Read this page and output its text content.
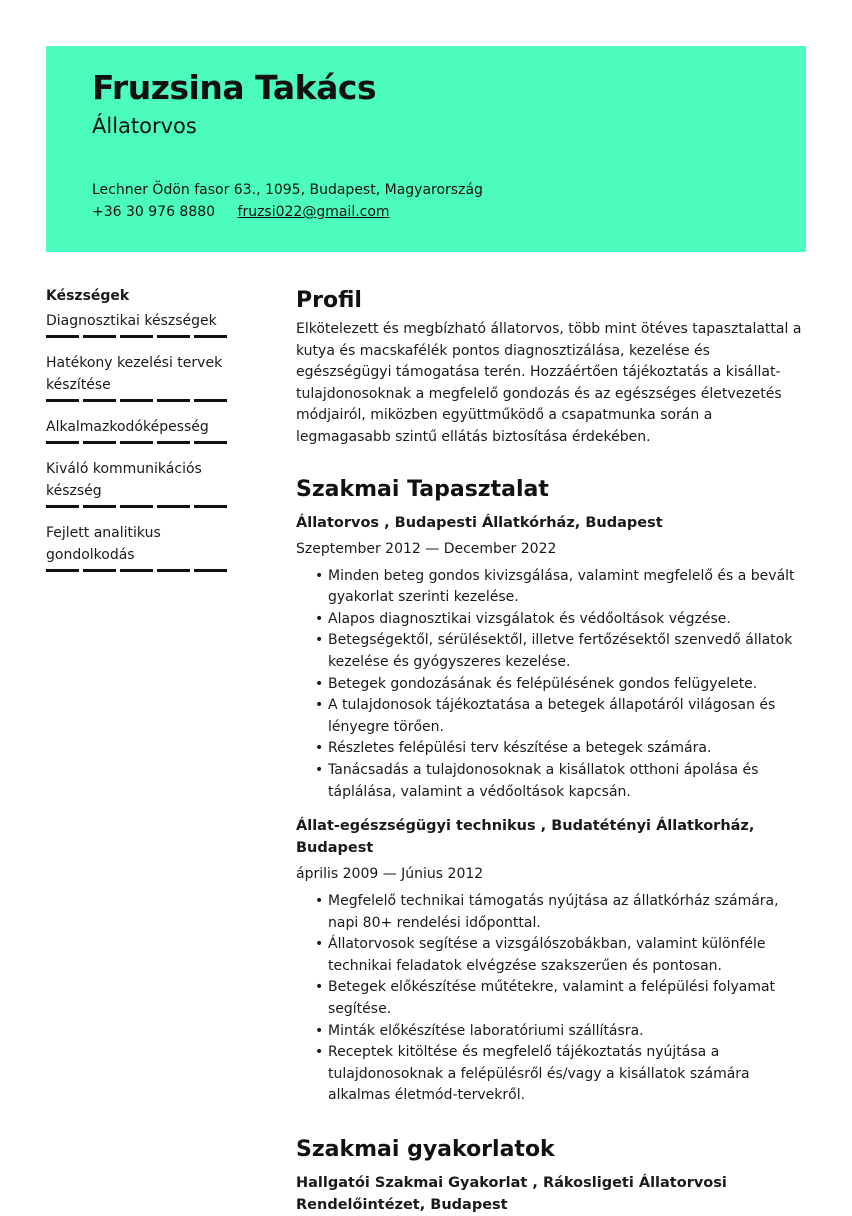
Fruzsina Takács
Állatorvos
Lechner Ödön fasor 63., 1095, Budapest, Magyarország
+36 30 976 8880 fruzsi022@gmail.com
Készségek
Diagnosztikai készségek
Hatékony kezelési tervek készítése
Alkalmazkodóképesség
Kiváló kommunikációs készség
Fejlett analitikus gondolkodás
Profil

Elkötelezett és megbízható állatorvos, több mint ötéves tapasztalattal a kutya és macskafélék pontos diagnosztizálása, kezelése és egészségügyi támogatása terén. Hozzáértően tájékoztatás a kisállat-tulajdonosoknak a megfelelő gondozás és az egészséges életvezetés módjairól, miközben együttműködő a csapatmunka során a legmagasabb szintű ellátás biztosítása érdekében.

Szakmai Tapasztalat
Állatorvos , Budapesti Állatkórház, Budapest
Szeptember 2012 — December 2022
• Minden beteg gondos kivizsgálása, valamint megfelelő és a bevált gyakorlat szerinti kezelése.
• Alapos diagnosztikai vizsgálatok és védőoltások végzése.
• Betegségektől, sérülésektől, illetve fertőzésektől szenvedő állatok kezelése és gyógyszeres kezelése.
• Betegek gondozásának és felépülésének gondos felügyelete.
• A tulajdonosok tájékoztatása a betegek állapotáról világosan és lényegre törően.
• Részletes felépülési terv készítése a betegek számára.
• Tanácsadás a tulajdonosoknak a kisállatok otthoni ápolása és táplálása, valamint a védőoltások kapcsán.
Állat-egészségügyi technikus , Budatétényi Állatkorház, Budapest
április 2009 — Június 2012
• Megfelelő technikai támogatás nyújtása az állatkórház számára, napi 80+ rendelési időponttal.
• Állatorvosok segítése a vizsgálószobákban, valamint különféle technikai feladatok elvégzése szakszerűen és pontosan.
• Betegek előkészítése műtétekre, valamint a felépülési folyamat segítése.
• Minták előkészítése laboratóriumi szállításra.
• Receptek kitöltése és megfelelő tájékoztatás nyújtása a tulajdonosoknak a felépülésről és/vagy a kisállatok számára alkalmas életmód-tervekről.
Szakmai gyakorlatok
Hallgatói Szakmai Gyakorlat , Rákosligeti Állatorvosi Rendelőintézet, Budapest
